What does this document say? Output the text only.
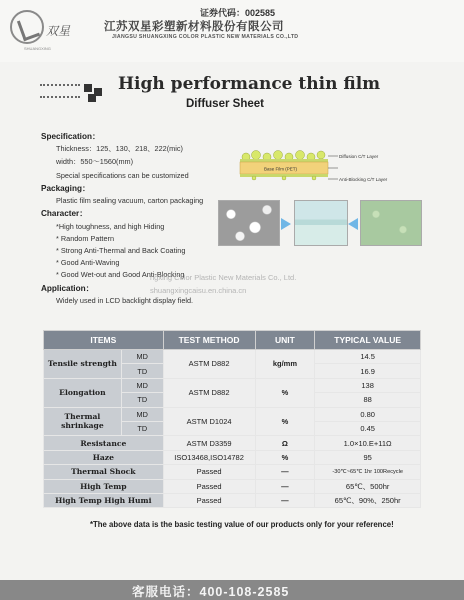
双星
SHUANGXING
证券代码：002585
江苏双星彩塑新材料股份有限公司
JIANGSU SHUANGXING COLOR PLASTIC NEW MATERIALS CO.,LTD
High performance thin film
Diffuser Sheet
Specification：
Thickness：125、130、218、222(mic)
width：550～1560(mm)
Special specifications can be customized
Packaging：
Plastic film sealing vacuum, carton packaging
Character：
*High toughness, and high Hiding
* Random Pattern
* Strong Anti-Thermal and Back Coating
* Good Anti-Waving
* Good Wet-out and Good Anti-Blocking
Application：
Widely used in LCD backlight display field.
ngxing Color Plastic New Materials Co., Ltd.
shuangxingcaisu.en.china.cn
Base Film (PET)
Diffusion C/T Layer
Anti-Blocking C/T Layer
ITEMS		TEST METHOD	UNIT	TYPICAL VALUE
Tensile strength	MD	ASTM D882	kg/mm	14.5
	TD			16.9
Elongation	MD	ASTM D882	%	138
	TD			88
Thermal shrinkage	MD	ASTM D1024	%	0.80
	TD			0.45
Resistance		ASTM D3359	Ω	1.0×10.E+11Ω
Haze		ISO13468,ISO14782	%	95
Thermal Shock		Passed	—	-30℃~65℃ 1hr 100Recycle
High Temp		Passed	—	65℃、500hr
High Temp High Humi		Passed	—	65℃、90%、250hr
*The above data is the basic testing value of our products only for your reference!
客服电话：400-108-2585
